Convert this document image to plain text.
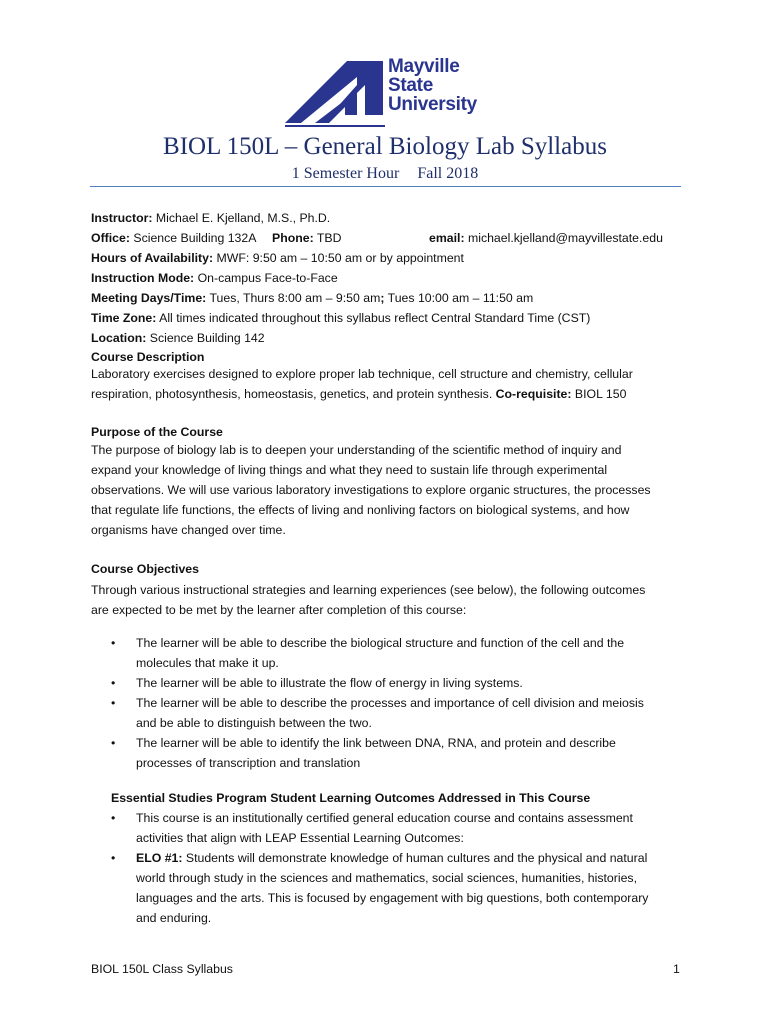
Mayville
State
University
BIOL 150L – General Biology Lab Syllabus
1 Semester Hour Fall 2018
Instructor: Michael E. Kjelland, M.S., Ph.D.
Office: Science Building 132A Phone: TBD	email: michael.kjelland@mayvillestate.edu
Hours of Availability: MWF: 9:50 am – 10:50 am or by appointment
Instruction Mode: On-campus Face-to-Face
Meeting Days/Time: Tues, Thurs 8:00 am – 9:50 am; Tues 10:00 am – 11:50 am
Time Zone: All times indicated throughout this syllabus reflect Central Standard Time (CST)
Location: Science Building 142
Course Description
Laboratory exercises designed to explore proper lab technique, cell structure and chemistry, cellular
respiration, photosynthesis, homeostasis, genetics, and protein synthesis. Co-requisite: BIOL 150
Purpose of the Course
The purpose of biology lab is to deepen your understanding of the scientific method of inquiry and
expand your knowledge of living things and what they need to sustain life through experimental
observations. We will use various laboratory investigations to explore organic structures, the processes
that regulate life functions, the effects of living and nonliving factors on biological systems, and how
organisms have changed over time.
Course Objectives
Through various instructional strategies and learning experiences (see below), the following outcomes
are expected to be met by the learner after completion of this course:
• The learner will be able to describe the biological structure and function of the cell and the
molecules that make it up.
• The learner will be able to illustrate the flow of energy in living systems.
• The learner will be able to describe the processes and importance of cell division and meiosis
and be able to distinguish between the two.
• The learner will be able to identify the link between DNA, RNA, and protein and describe
processes of transcription and translation
Essential Studies Program Student Learning Outcomes Addressed in This Course
• This course is an institutionally certified general education course and contains assessment
activities that align with LEAP Essential Learning Outcomes:
• ELO #1: Students will demonstrate knowledge of human cultures and the physical and natural
world through study in the sciences and mathematics, social sciences, humanities, histories,
languages and the arts. This is focused by engagement with big questions, both contemporary
and enduring.
BIOL 150L Class Syllabus	1
